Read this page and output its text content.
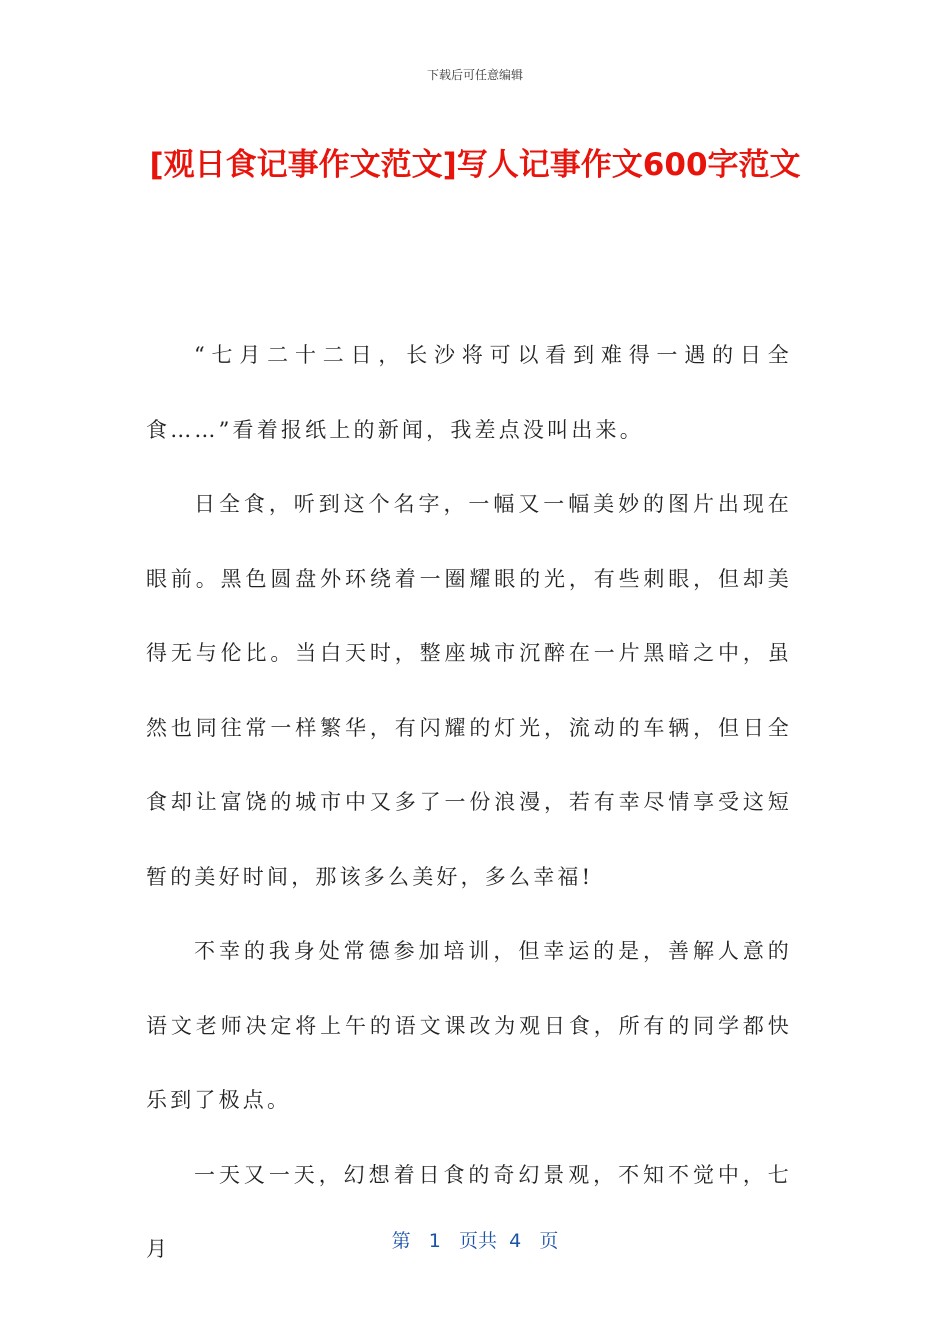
下载后可任意编辑
[观日食记事作文范文]写人记事作文600字范文

“七月二十二日，长沙将可以看到难得一遇的日全食……”看着报纸上的新闻，我差点没叫出来。

日全食，听到这个名字，一幅又一幅美妙的图片出现在眼前。黑色圆盘外环绕着一圈耀眼的光，有些刺眼，但却美得无与伦比。当白天时，整座城市沉醉在一片黑暗之中，虽然也同往常一样繁华，有闪耀的灯光，流动的车辆，但日全食却让富饶的城市中又多了一份浪漫，若有幸尽情享受这短暂的美好时间，那该多么美好，多么幸福!

不幸的我身处常德参加培训，但幸运的是，善解人意的语文老师决定将上午的语文课改为观日食，所有的同学都快乐到了极点。

一天又一天，幻想着日食的奇幻景观，不知不觉中，七月	第 1 页共 4 页
